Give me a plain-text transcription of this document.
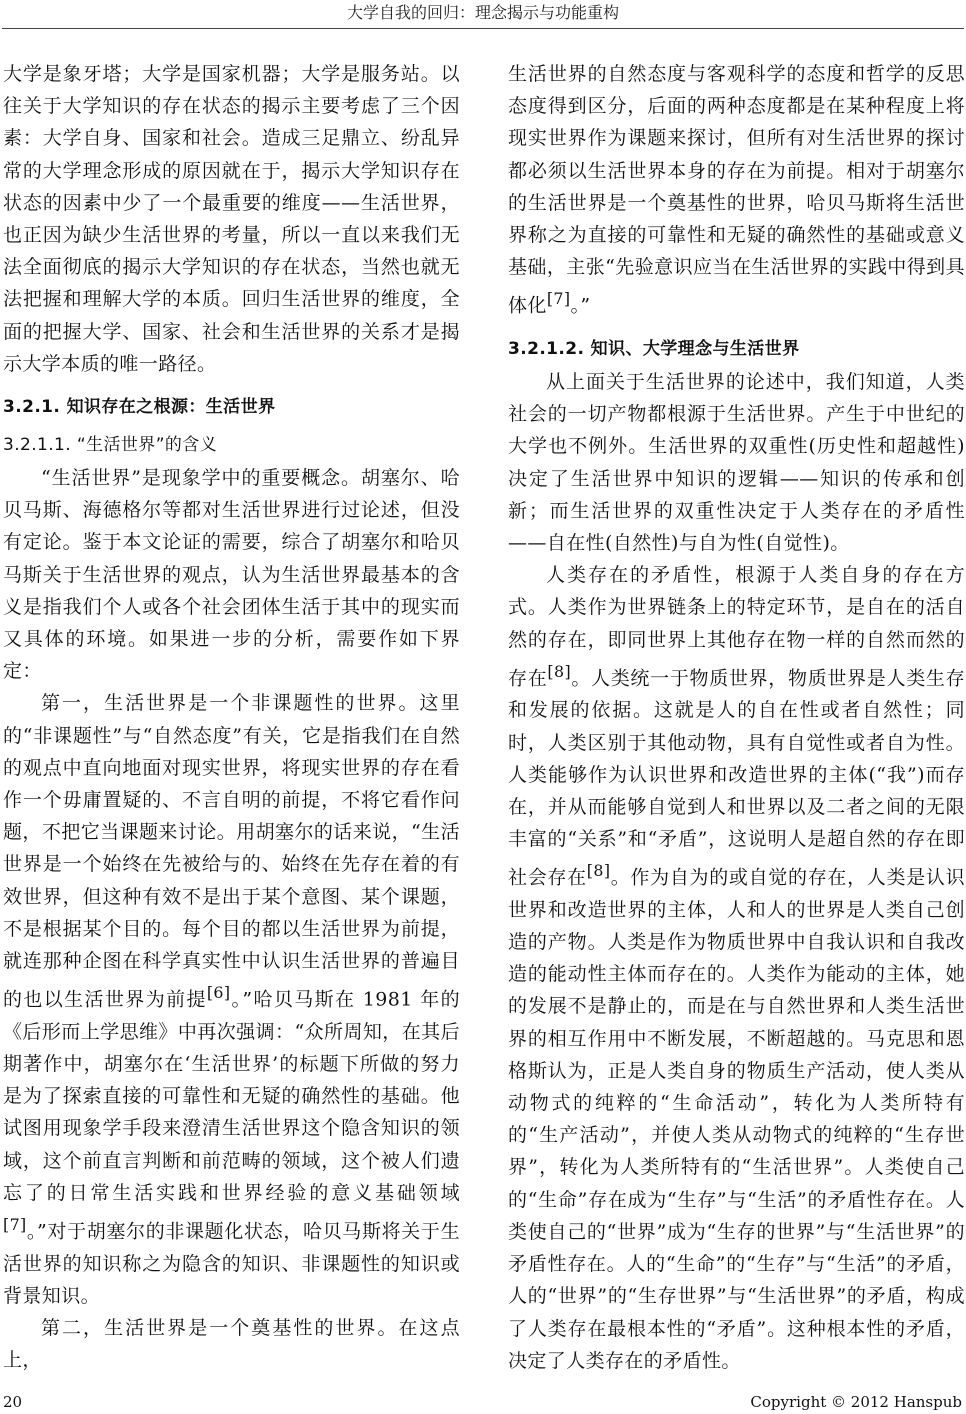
大学自我的回归：理念揭示与功能重构

大学是象牙塔；大学是国家机器；大学是服务站。以往关于大学知识的存在状态的揭示主要考虑了三个因素：大学自身、国家和社会。造成三足鼎立、纷乱异常的大学理念形成的原因就在于，揭示大学知识存在状态的因素中少了一个最重要的维度——生活世界，也正因为缺少生活世界的考量，所以一直以来我们无法全面彻底的揭示大学知识的存在状态，当然也就无法把握和理解大学的本质。回归生活世界的维度，全面的把握大学、国家、社会和生活世界的关系才是揭示大学本质的唯一路径。

3.2.1. 知识存在之根源：生活世界

3.2.1.1. “生活世界”的含义

“生活世界”是现象学中的重要概念。胡塞尔、哈贝马斯、海德格尔等都对生活世界进行过论述，但没有定论。鉴于本文论证的需要，综合了胡塞尔和哈贝马斯关于生活世界的观点，认为生活世界最基本的含义是指我们个人或各个社会团体生活于其中的现实而又具体的环境。如果进一步的分析，需要作如下界定：

第一，生活世界是一个非课题性的世界。这里的“非课题性”与“自然态度”有关，它是指我们在自然的观点中直向地面对现实世界，将现实世界的存在看作一个毋庸置疑的、不言自明的前提，不将它看作问题，不把它当课题来讨论。用胡塞尔的话来说，“生活世界是一个始终在先被给与的、始终在先存在着的有效世界，但这种有效不是出于某个意图、某个课题，不是根据某个目的。每个目的都以生活世界为前提，就连那种企图在科学真实性中认识生活世界的普遍目的也以生活世界为前提[6]。”哈贝马斯在 1981 年的《后形而上学思维》中再次强调：“众所周知，在其后期著作中，胡塞尔在‘生活世界’的标题下所做的努力是为了探索直接的可靠性和无疑的确然性的基础。他试图用现象学手段来澄清生活世界这个隐含知识的领域，这个前直言判断和前范畴的领域，这个被人们遗忘了的日常生活实践和世界经验的意义基础领域[7]。”对于胡塞尔的非课题化状态，哈贝马斯将关于生活世界的知识称之为隐含的知识、非课题性的知识或背景知识。

第二，生活世界是一个奠基性的世界。在这点上，

生活世界的自然态度与客观科学的态度和哲学的反思态度得到区分，后面的两种态度都是在某种程度上将现实世界作为课题来探讨，但所有对生活世界的探讨都必须以生活世界本身的存在为前提。相对于胡塞尔的生活世界是一个奠基性的世界，哈贝马斯将生活世界称之为直接的可靠性和无疑的确然性的基础或意义基础，主张“先验意识应当在生活世界的实践中得到具体化[7]。”

3.2.1.2. 知识、大学理念与生活世界

从上面关于生活世界的论述中，我们知道，人类社会的一切产物都根源于生活世界。产生于中世纪的大学也不例外。生活世界的双重性(历史性和超越性)决定了生活世界中知识的逻辑——知识的传承和创新；而生活世界的双重性决定于人类存在的矛盾性——自在性(自然性)与自为性(自觉性)。

人类存在的矛盾性，根源于人类自身的存在方式。人类作为世界链条上的特定环节，是自在的活自然的存在，即同世界上其他存在物一样的自然而然的存在[8]。人类统一于物质世界，物质世界是人类生存和发展的依据。这就是人的自在性或者自然性；同时，人类区别于其他动物，具有自觉性或者自为性。人类能够作为认识世界和改造世界的主体(“我”)而存在，并从而能够自觉到人和世界以及二者之间的无限丰富的“关系”和“矛盾”，这说明人是超自然的存在即社会存在[8]。作为自为的或自觉的存在，人类是认识世界和改造世界的主体，人和人的世界是人类自己创造的产物。人类是作为物质世界中自我认识和自我改造的能动性主体而存在的。人类作为能动的主体，她的发展不是静止的，而是在与自然世界和人类生活世界的相互作用中不断发展，不断超越的。马克思和恩格斯认为，正是人类自身的物质生产活动，使人类从动物式的纯粹的“生命活动”，转化为人类所特有的“生产活动”，并使人类从动物式的纯粹的“生存世界”，转化为人类所特有的“生活世界”。人类使自己的“生命”存在成为“生存”与“生活”的矛盾性存在。人类使自己的“世界”成为“生存的世界”与“生活世界”的矛盾性存在。人的“生命”的“生存”与“生活”的矛盾，人的“世界”的“生存世界”与“生活世界”的矛盾，构成了人类存在最根本性的“矛盾”。这种根本性的矛盾，决定了人类存在的矛盾性。

20	Copyright © 2012 Hanspub
